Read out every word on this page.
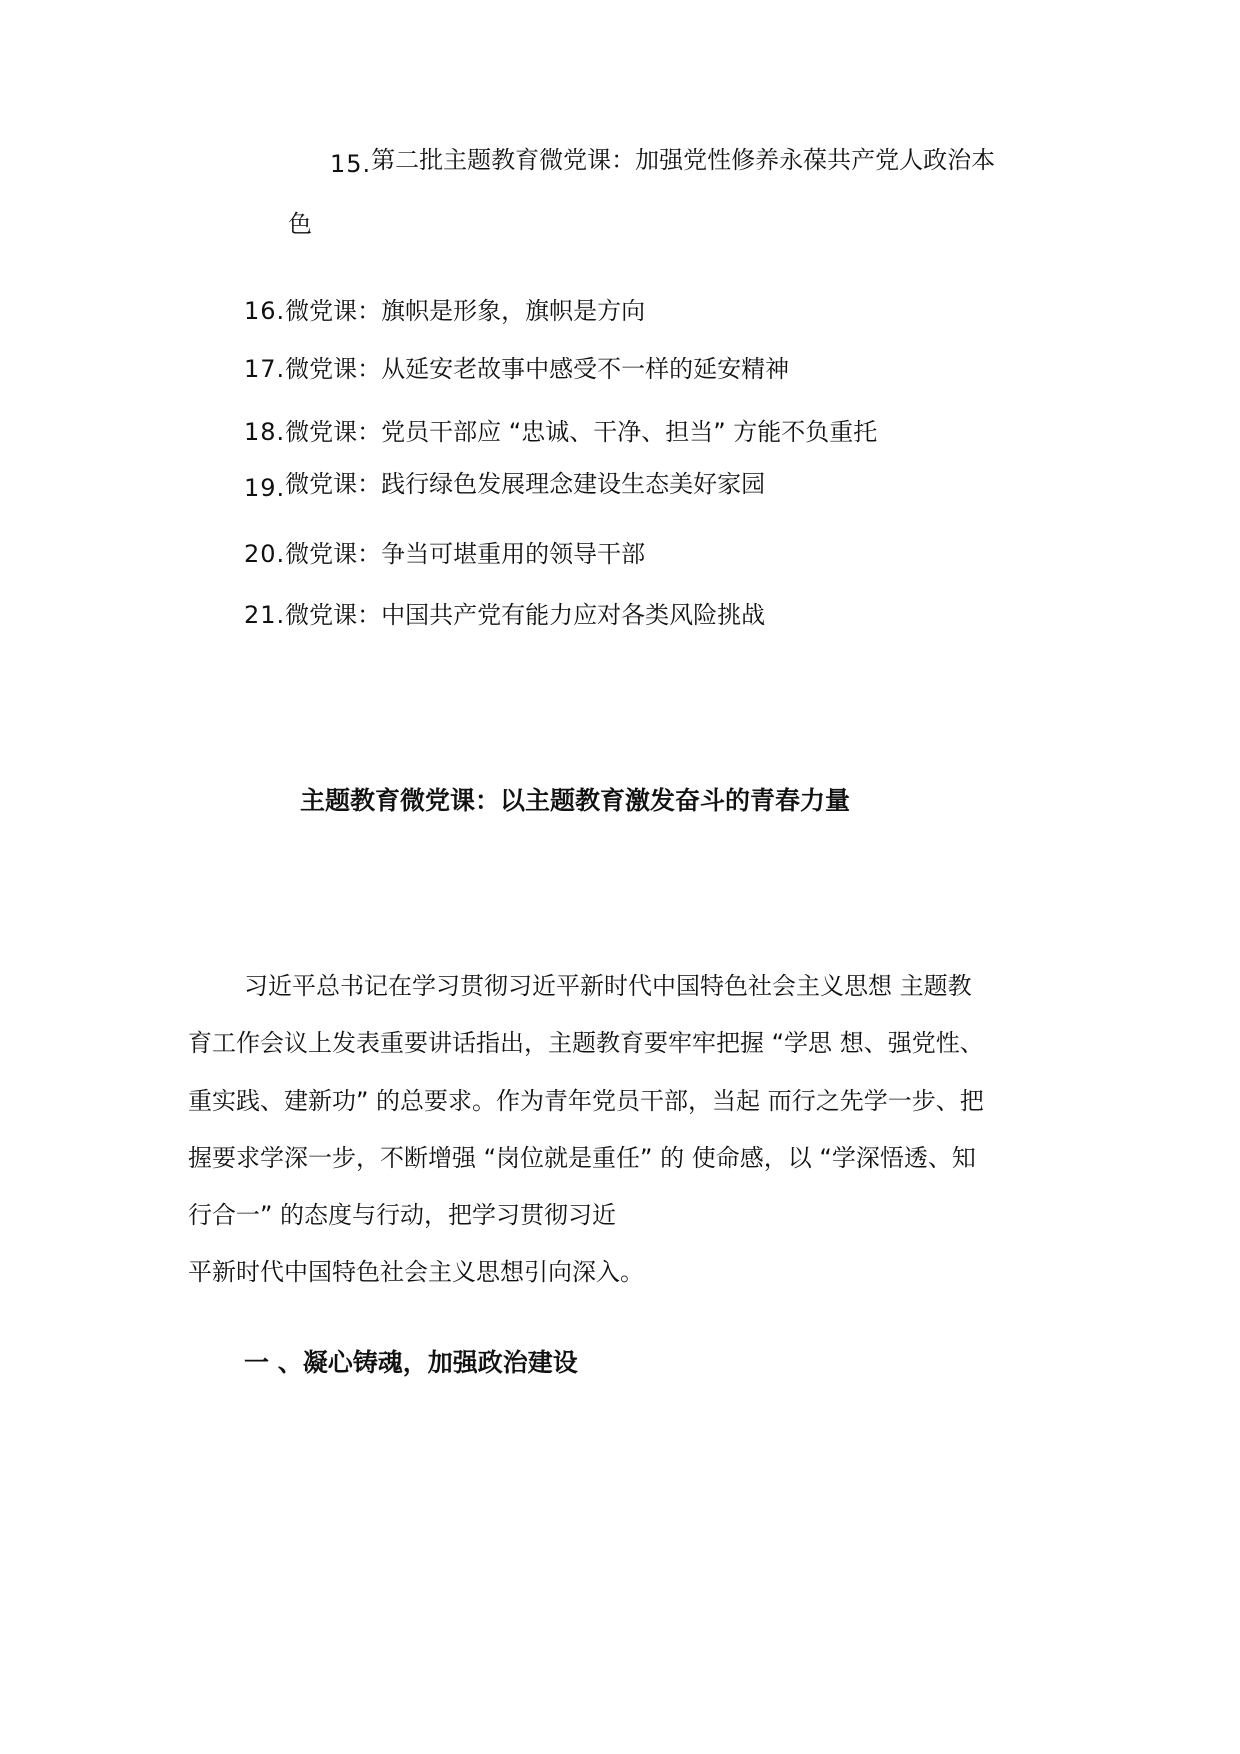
15.第二批主题教育微党课：加强党性修养永葆共产党人政治本
色
16.微党课：旗帜是形象，旗帜是方向
17.微党课：从延安老故事中感受不一样的延安精神
18.微党课：党员干部应 “忠诚、干净、担当” 方能不负重托
19.微党课：践行绿色发展理念建设生态美好家园
20.微党课：争当可堪重用的领导干部
21.微党课：中国共产党有能力应对各类风险挑战
主题教育微党课：以主题教育激发奋斗的青春力量
习近平总书记在学习贯彻习近平新时代中国特色社会主义思想 主题教
育工作会议上发表重要讲话指出，主题教育要牢牢把握 “学思 想、强党性、
重实践、建新功” 的总要求。作为青年党员干部，当起 而行之先学一步、把
握要求学深一步，不断增强 “岗位就是重任” 的 使命感，以 “学深悟透、知
行合一” 的态度与行动，把学习贯彻习近
平新时代中国特色社会主义思想引向深入。
一 、凝心铸魂，加强政治建设
